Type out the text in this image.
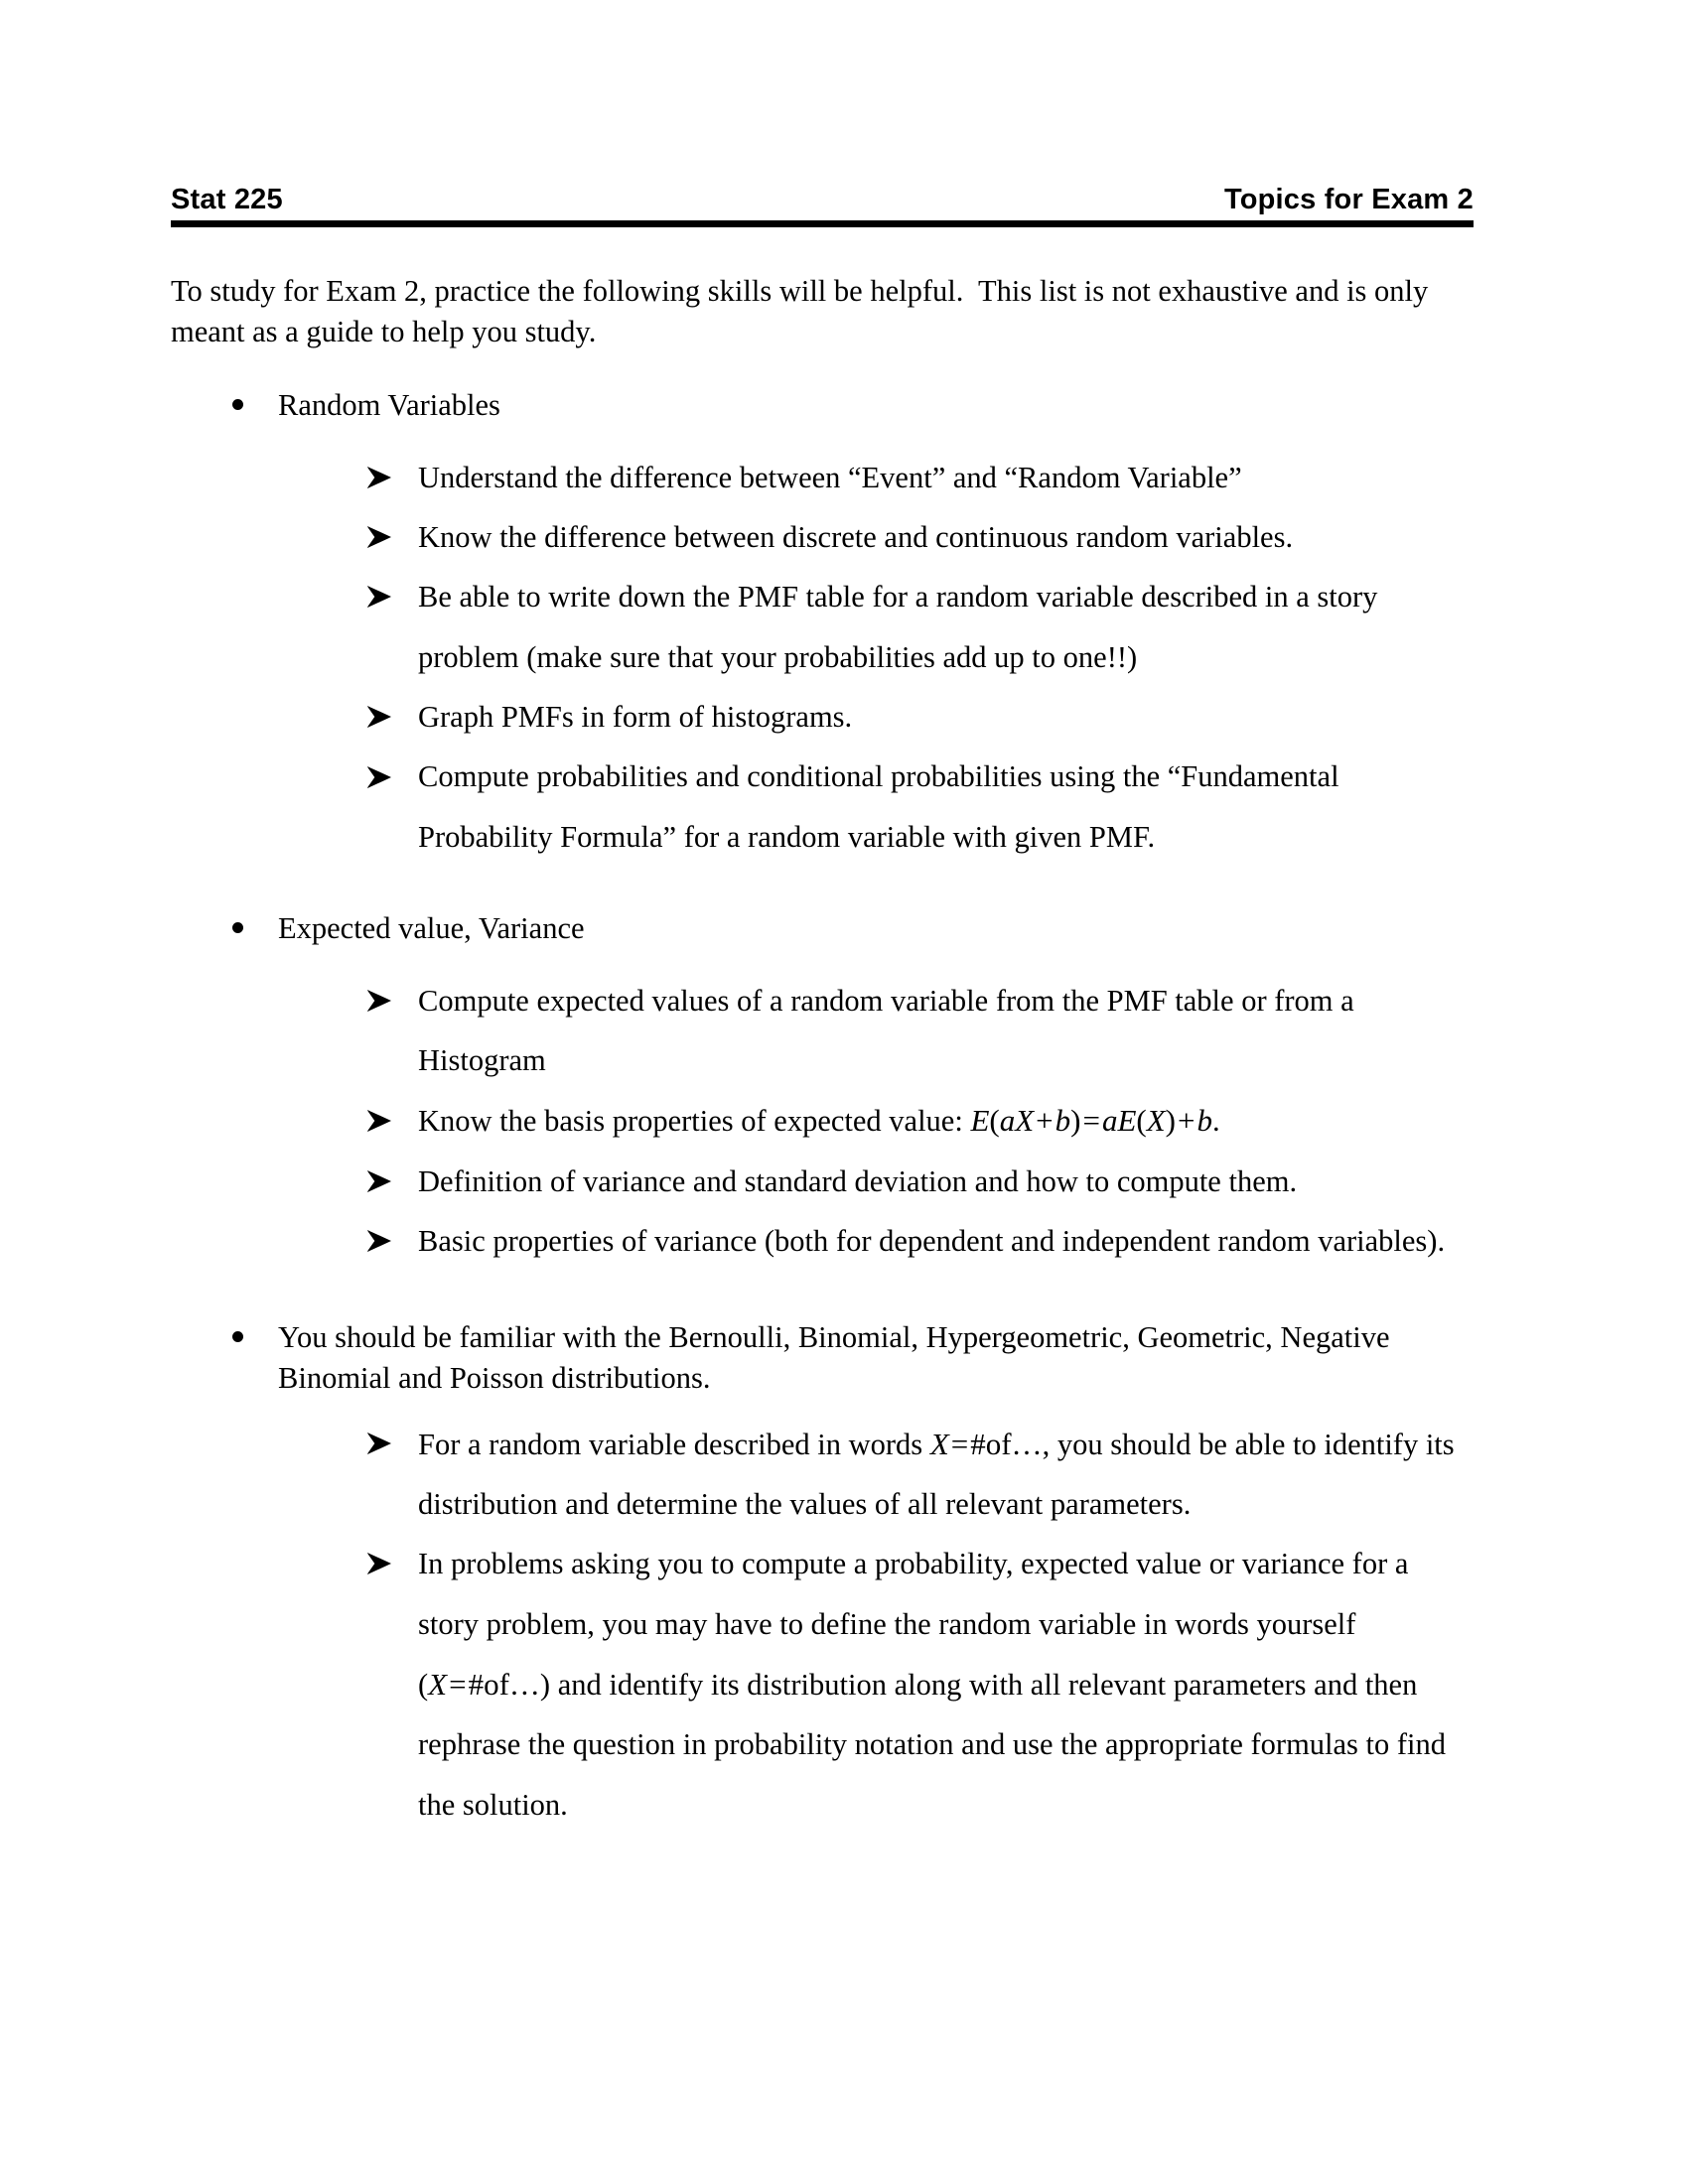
Stat 225	Topics for Exam 2

To study for Exam 2, practice the following skills will be helpful.  This list is not exhaustive and is only meant as a guide to help you study.

Random Variables
Understand the difference between “Event” and “Random Variable”
Know the difference between discrete and continuous random variables.
Be able to write down the PMF table for a random variable described in a story problem (make sure that your probabilities add up to one!!)
Graph PMFs in form of histograms.
Compute probabilities and conditional probabilities using the “Fundamental Probability Formula” for a random variable with given PMF.
Expected value, Variance
Compute expected values of a random variable from the PMF table or from a Histogram
Know the basis properties of expected value: E(aX+b)=aE(X)+b.
Definition of variance and standard deviation and how to compute them.
Basic properties of variance (both for dependent and independent random variables).
You should be familiar with the Bernoulli, Binomial, Hypergeometric, Geometric, Negative Binomial and Poisson distributions.
For a random variable described in words X=#of…, you should be able to identify its distribution and determine the values of all relevant parameters.
In problems asking you to compute a probability, expected value or variance for a story problem, you may have to define the random variable in words yourself (X=#of…) and identify its distribution along with all relevant parameters and then rephrase the question in probability notation and use the appropriate formulas to find the solution.
